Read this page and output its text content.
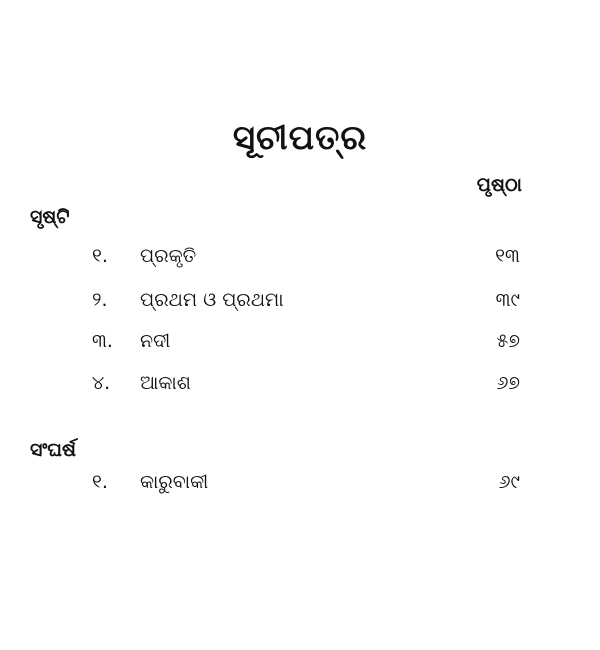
ସୂଚୀପତ୍ର
ପୃଷ୍ଠା
ସୃଷ୍ଟି
୧. ପ୍ରକୃତି	୧୩
୨. ପ୍ରଥମ ଓ ପ୍ରଥମା	୩୯
୩. ନଦୀ	୫୭
୪. ଆକାଶ	୬୭
ସଂଘର୍ଷ
୧. କାରୁବାକୀ	୬୯
